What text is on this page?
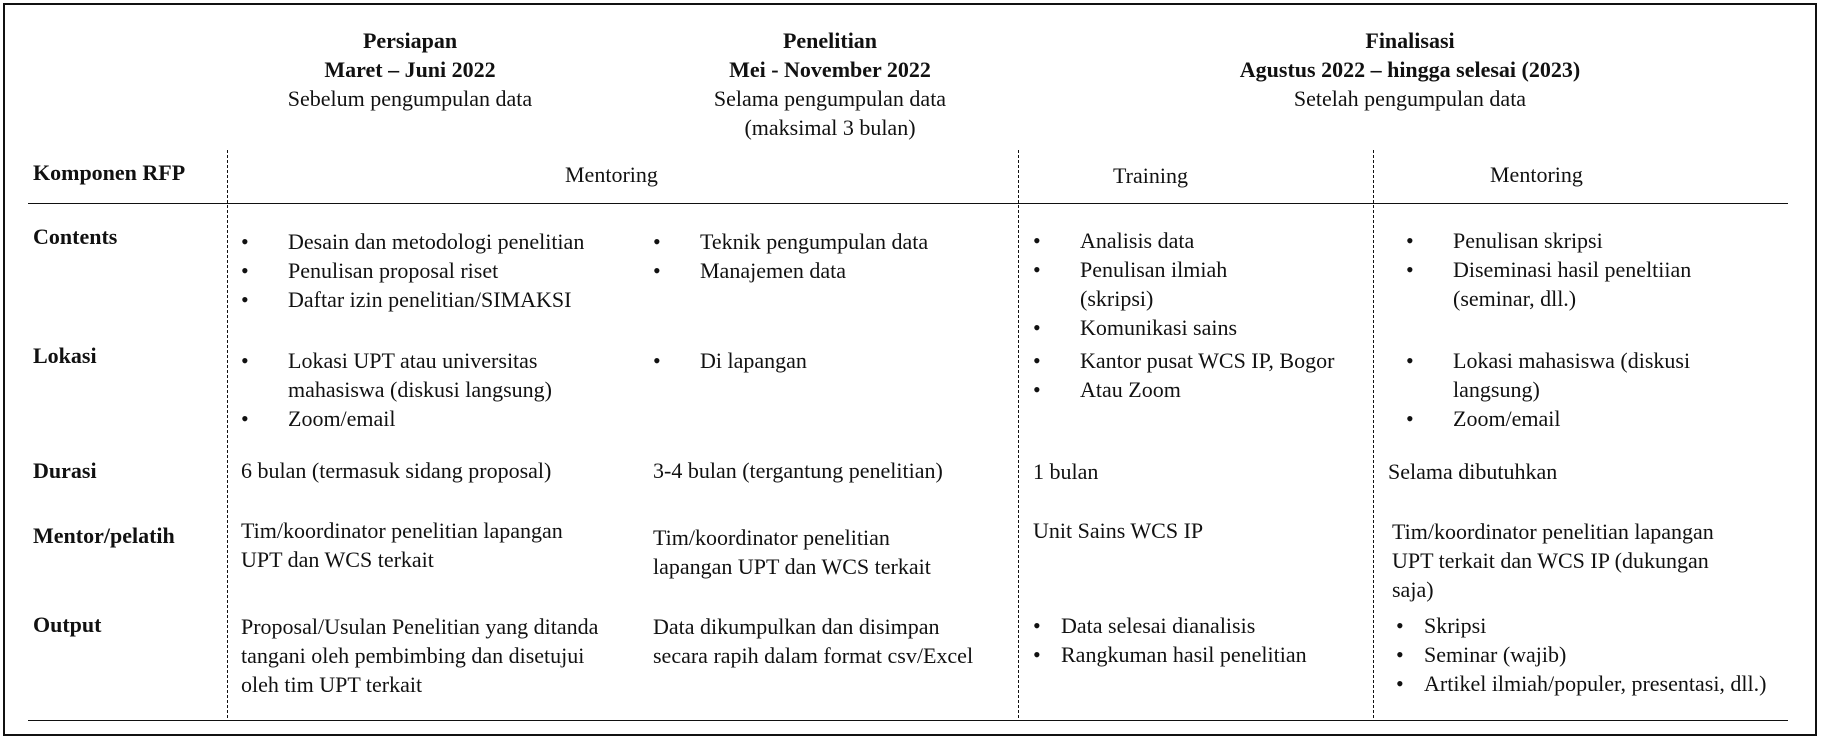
Persiapan
Maret – Juni 2022
Sebelum pengumpulan data
Penelitian
Mei - November 2022
Selama pengumpulan data
(maksimal 3 bulan)
Finalisasi
Agustus 2022 – hingga selesai (2023)
Setelah pengumpulan data
Komponen RFP	Mentoring	Training	Mentoring
Contents
Lokasi
Durasi
Mentor/pelatih
Output
• Desain dan metodologi penelitian
• Penulisan proposal riset
• Daftar izin penelitian/SIMAKSI
• Teknik pengumpulan data
• Manajemen data
• Analisis data
• Penulisan ilmiah
(skripsi)
• Komunikasi sains
• Penulisan skripsi
• Diseminasi hasil peneltiian
(seminar, dll.)
• Lokasi UPT atau universitas
mahasiswa (diskusi langsung)
• Zoom/email
• Di lapangan
•	Kantor pusat WCS IP, Bogor
• Atau Zoom
• Lokasi mahasiswa (diskusi
langsung)
• Zoom/email
6 bulan (termasuk sidang proposal)	3-4 bulan (tergantung penelitian)	1 bulan	Selama dibutuhkan
Tim/koordinator penelitian lapangan
UPT dan WCS terkait
Tim/koordinator penelitian
lapangan UPT dan WCS terkait
Unit Sains WCS IP	Tim/koordinator penelitian lapangan
UPT terkait dan WCS IP (dukungan
saja)
Proposal/Usulan Penelitian yang ditanda
tangani oleh pembimbing dan disetujui
oleh tim UPT terkait
Data dikumpulkan dan disimpan
secara rapih dalam format csv/Excel
• Data selesai dianalisis
• Rangkuman hasil penelitian
• Skripsi
• Seminar (wajib)
• Artikel ilmiah/populer, presentasi, dll.)
